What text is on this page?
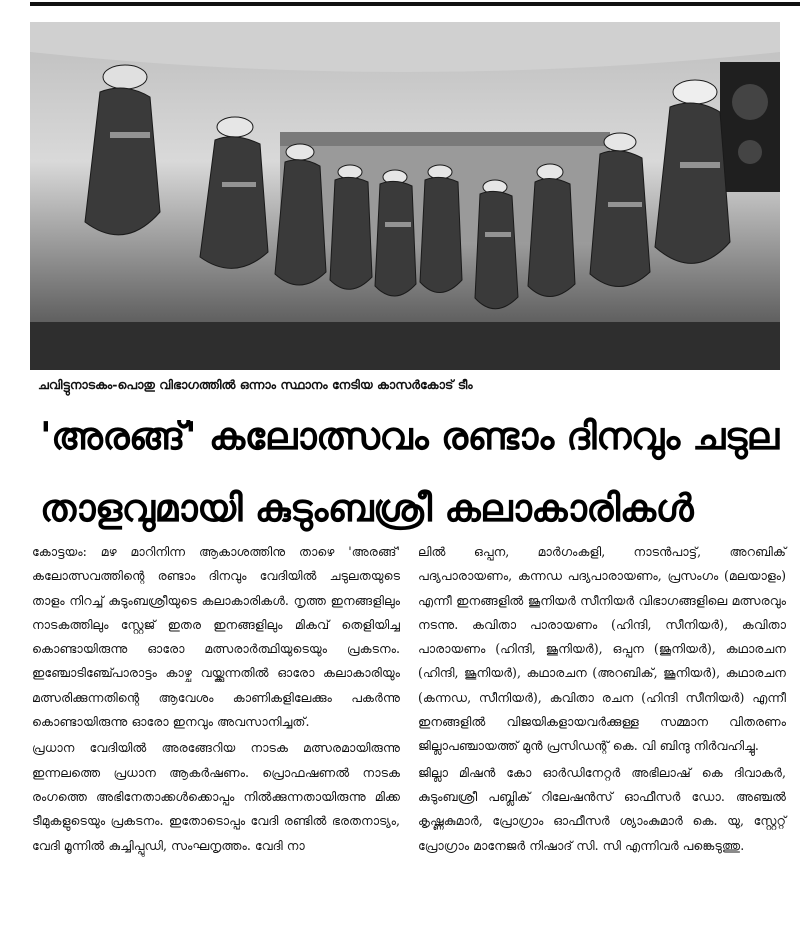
ചവിട്ടുനാടകം-പൊതു വിഭാഗത്തിൽ ഒന്നാം സ്ഥാനം നേടിയ കാസർകോട് ടീം
'അരങ്ങ്' കലോത്സവം രണ്ടാം ദിനവും ചടുല
താളവുമായി കുടുംബശ്രീ കലാകാരികൾ

കോട്ടയം: മഴ മാറിനിന്ന ആകാശത്തിനു താഴെ 'അരങ്ങ്' കലോത്സവത്തിന്റെ രണ്ടാം ദിനവും വേദിയിൽ ചടുലതയുടെ താളം നിറച്ച് കുടുംബശ്രീയുടെ കലാകാരികൾ. നൃത്ത ഇനങ്ങളിലും നാടകത്തിലും സ്റ്റേജ് ഇതര ഇനങ്ങളിലും മികവ് തെളിയിച്ച കൊണ്ടായിരുന്നു ഓരോ മത്സരാർത്ഥിയുടെയും പ്രകടനം. ഇഞ്ചോടിഞ്ച്പോരാട്ടം കാഴ്ച വയ്ക്കുന്നതിൽ ഓരോ കലാകാരിയും മത്സരിക്കുന്നതിന്റെ ആവേശം കാണികളിലേക്കും പകർന്നു കൊണ്ടായിരുന്നു ഓരോ ഇനവും അവസാനിച്ചത്.

പ്രധാന വേദിയിൽ അരങ്ങേറിയ നാടക മത്സരമായിരുന്നു ഇന്നലത്തെ പ്രധാന ആകർഷണം. പ്രൊഫഷണൽ നാടക രംഗത്തെ അഭിനേതാക്കൾക്കൊപ്പം നിൽക്കുന്നതായിരുന്നു മിക്ക ടീമുകളുടെയും പ്രകടനം. ഇതോടൊപ്പം വേദി രണ്ടിൽ ഭരതനാട്യം, വേദി മൂന്നിൽ കുച്ചിപ്പുഡി, സംഘനൃത്തം. വേദി നാ

ലിൽ ഒപ്പന, മാർഗംകളി, നാടൻപാട്ട്, അറബിക് പദ്യപാരായണം, കന്നഡ പദ്യപാരായണം, പ്രസംഗം (മലയാളം) എന്നീ ഇനങ്ങളിൽ ജൂനിയർ സീനിയർ വിഭാഗങ്ങളിലെ മത്സരവും നടന്നു. കവിതാ പാരായണം (ഹിന്ദി, സീനിയർ), കവിതാ പാരായണം (ഹിന്ദി, ജൂനിയർ), ഒപ്പന (ജൂനിയർ), കഥാരചന (ഹിന്ദി, ജൂനിയർ), കഥാരചന (അറബിക്, ജൂനിയർ), കഥാരചന (കന്നഡ, സീനിയർ), കവിതാ രചന (ഹിന്ദി സീനിയർ) എന്നീ ഇനങ്ങളിൽ വിജയികളായവർക്കുള്ള സമ്മാന വിതരണം ജില്ലാപഞ്ചായത്ത് മുൻ പ്രസിഡന്റ് കെ. വി ബിന്ദു നിർവഹിച്ചു.

ജില്ലാ മിഷൻ കോ ഓർഡിനേറ്റർ അഭിലാഷ് കെ ദിവാകർ, കുടുംബശ്രീ പബ്ലിക് റിലേഷൻസ് ഓഫീസർ ഡോ. അഞ്ചൽ കൃഷ്ണകുമാർ, പ്രോഗ്രാം ഓഫീസർ ശ്യാംകുമാർ കെ. യു, സ്റ്റേറ്റ് പ്രോഗ്രാം മാനേജർ നിഷാദ് സി. സി എന്നിവർ പങ്കെടുത്തു.
